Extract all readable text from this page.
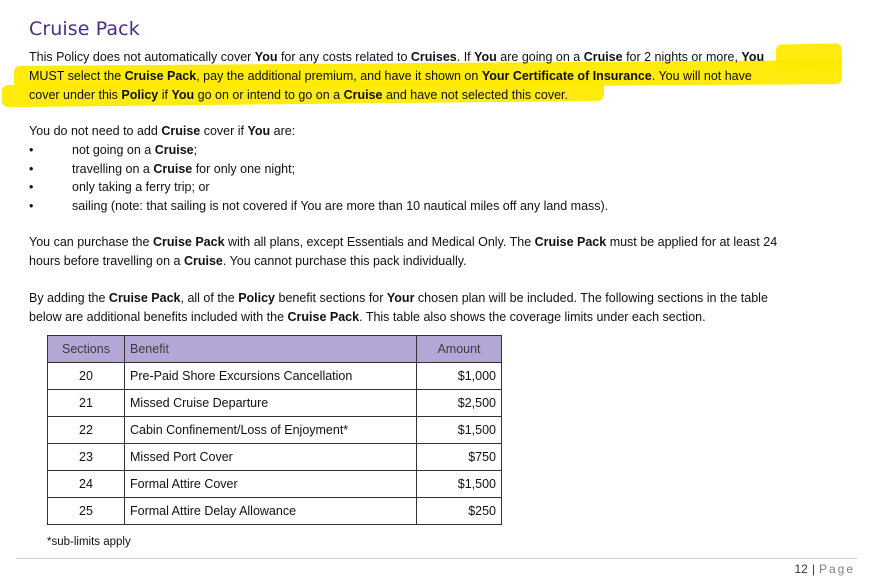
Cruise Pack
This Policy does not automatically cover You for any costs related to Cruises. If You are going on a Cruise for 2 nights or more, You
MUST select the Cruise Pack, pay the additional premium, and have it shown on Your Certificate of Insurance. You will not have
cover under this Policy if You go on or intend to go on a Cruise and have not selected this cover.
You do not need to add Cruise cover if You are:
•	not going on a Cruise;
•	travelling on a Cruise for only one night;
•	only taking a ferry trip; or
•	sailing (note: that sailing is not covered if You are more than 10 nautical miles off any land mass).
You can purchase the Cruise Pack with all plans, except Essentials and Medical Only. The Cruise Pack must be applied for at least 24
hours before travelling on a Cruise. You cannot purchase this pack individually.
By adding the Cruise Pack, all of the Policy benefit sections for Your chosen plan will be included. The following sections in the table
below are additional benefits included with the Cruise Pack. This table also shows the coverage limits under each section.
Sections	Benefit	Amount
20	Pre-Paid Shore Excursions Cancellation	$1,000
21	Missed Cruise Departure	$2,500
22	Cabin Confinement/Loss of Enjoyment*	$1,500
23	Missed Port Cover	$750
24	Formal Attire Cover	$1,500
25	Formal Attire Delay Allowance	$250
*sub-limits apply
12 | Page
